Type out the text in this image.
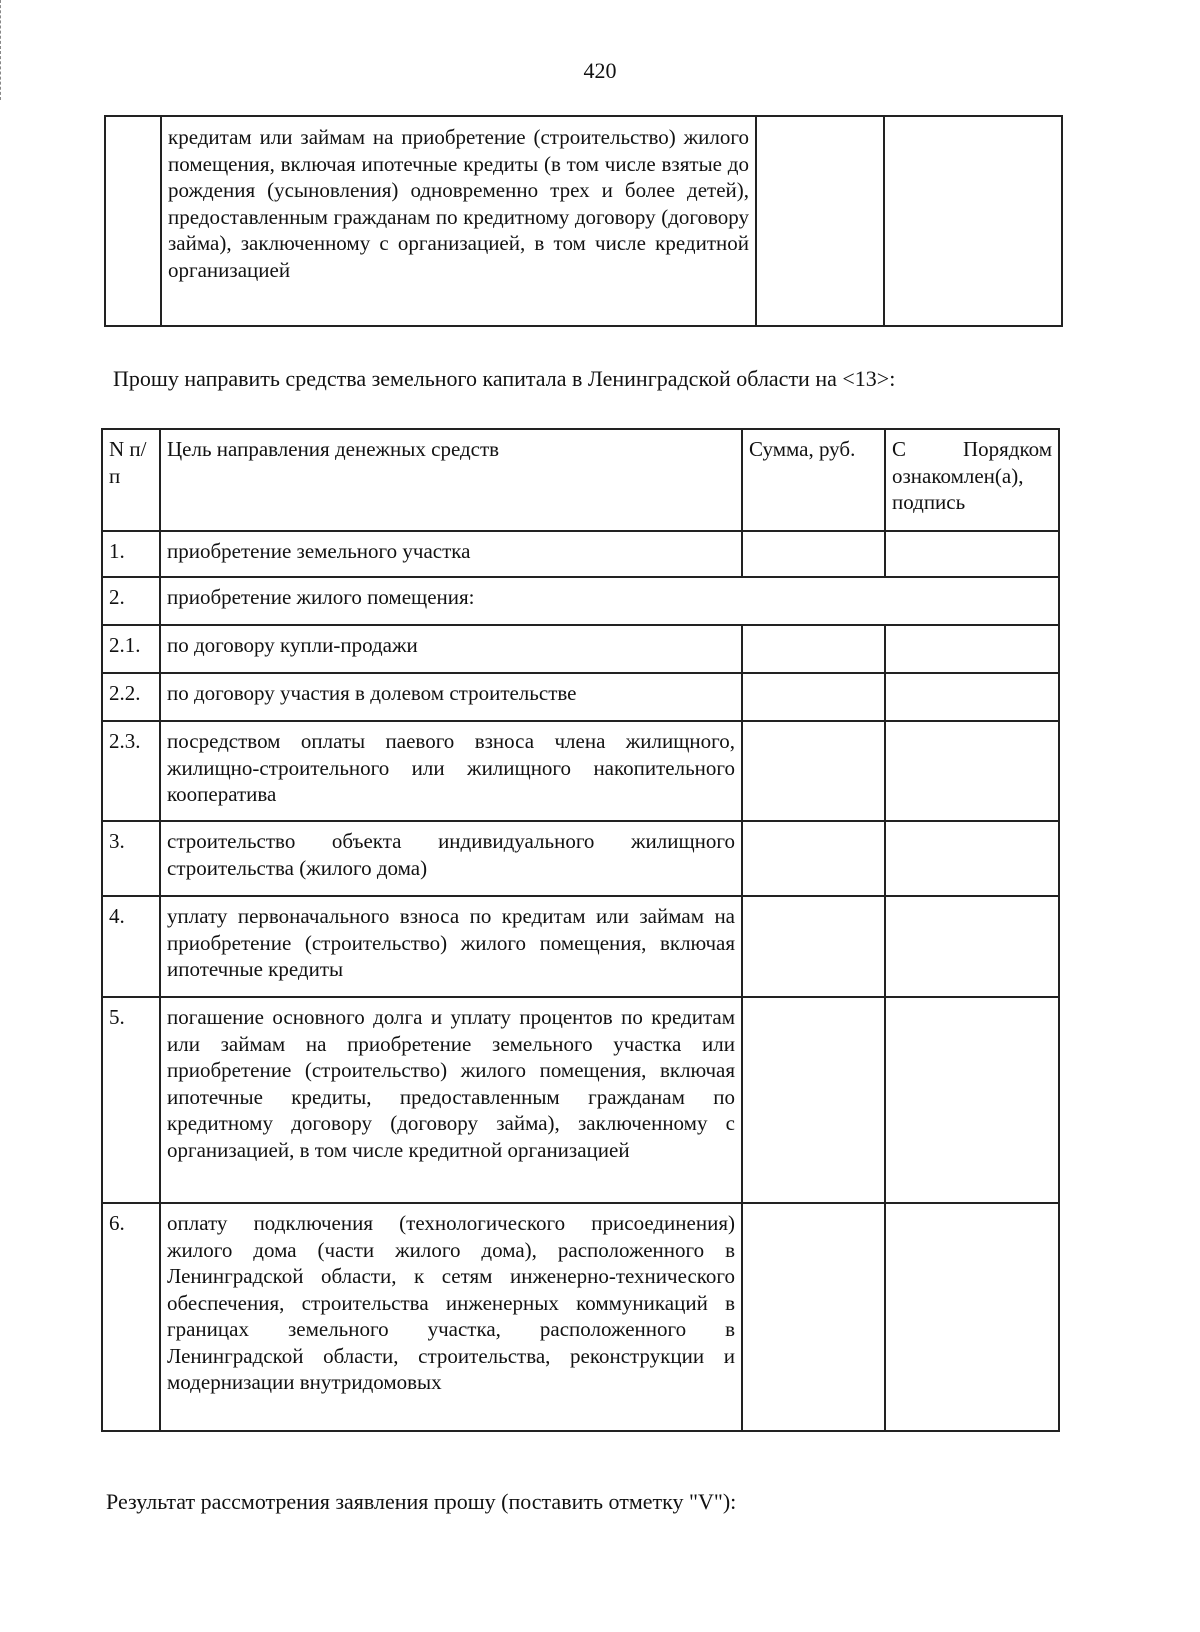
420
	кредитам или займам на приобретение (строительство) жилого помещения, включая ипотечные кредиты (в том числе взятые до рождения (усыновления) одновременно трех и более детей), предоставленным гражданам по кредитному договору (договору займа), заключенному с организацией, в том числе кредитной организацией		
Прошу направить средства земельного капитала в Ленинградской области на <13>:
N п/п	Цель направления денежных средств	Сумма, руб.	С Порядком ознакомлен(а), подпись
1.	приобретение земельного участка		
2.	приобретение жилого помещения:		
2.1.	по договору купли-продажи		
2.2.	по договору участия в долевом строительстве		
2.3.	посредством оплаты паевого взноса члена жилищного, жилищно-строительного или жилищного накопительного кооператива		
3.	строительство объекта индивидуального жилищного строительства (жилого дома)		
4.	уплату первоначального взноса по кредитам или займам на приобретение (строительство) жилого помещения, включая ипотечные кредиты		
5.	погашение основного долга и уплату процентов по кредитам или займам на приобретение земельного участка или приобретение (строительство) жилого помещения, включая ипотечные кредиты, предоставленным гражданам по кредитному договору (договору займа), заключенному с организацией, в том числе кредитной организацией		
6.	оплату подключения (технологического присоединения) жилого дома (части жилого дома), расположенного в Ленинградской области, к сетям инженерно-технического обеспечения, строительства инженерных коммуникаций в границах земельного участка, расположенного в Ленинградской области, строительства, реконструкции и модернизации внутридомовых		
Результат рассмотрения заявления прошу (поставить отметку "V"):
